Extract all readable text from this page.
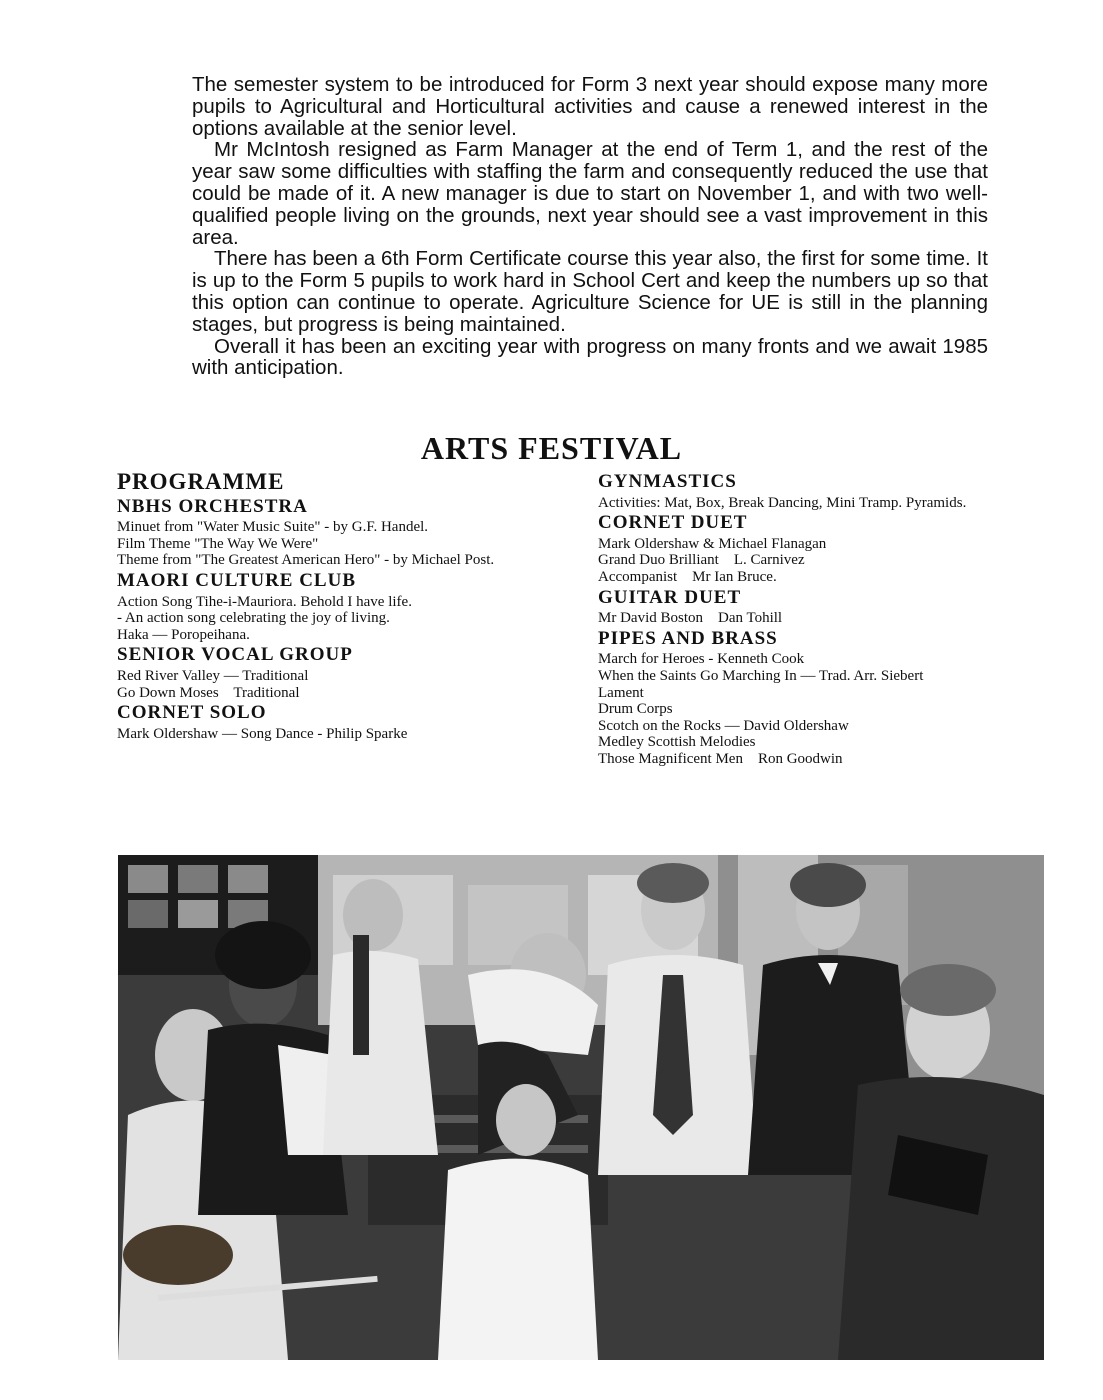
The semester system to be introduced for Form 3 next year should expose many more pupils to Agricultural and Horticultural activities and cause a renewed interest in the options available at the senior level.

Mr McIntosh resigned as Farm Manager at the end of Term 1, and the rest of the year saw some difficulties with staffing the farm and consequently reduced the use that could be made of it. A new manager is due to start on November 1, and with two well-qualified people living on the grounds, next year should see a vast improvement in this area.

There has been a 6th Form Certificate course this year also, the first for some time. It is up to the Form 5 pupils to work hard in School Cert and keep the numbers up so that this option can continue to operate. Agriculture Science for UE is still in the planning stages, but progress is being maintained.

Overall it has been an exciting year with progress on many fronts and we await 1985 with anticipation.

ARTS FESTIVAL
PROGRAMME
NBHS ORCHESTRA

Minuet from "Water Music Suite" - by G.F. Handel.

Film Theme "The Way We Were"

Theme from "The Greatest American Hero" - by Michael Post.

MAORI CULTURE CLUB

Action Song Tihe-i-Mauriora. Behold I have life.

- An action song celebrating the joy of living.

Haka — Poropeihana.

SENIOR VOCAL GROUP

Red River Valley — Traditional

Go Down Moses    Traditional

CORNET SOLO

Mark Oldershaw — Song Dance - Philip Sparke

GYNMASTICS

Activities: Mat, Box, Break Dancing, Mini Tramp. Pyramids.

CORNET DUET

Mark Oldershaw & Michael Flanagan

Grand Duo Brilliant    L. Carnivez

Accompanist    Mr Ian Bruce.

GUITAR DUET

Mr David Boston    Dan Tohill

PIPES AND BRASS

March for Heroes - Kenneth Cook

When the Saints Go Marching In — Trad. Arr. Siebert

Lament

Drum Corps

Scotch on the Rocks — David Oldershaw

Medley Scottish Melodies

Those Magnificent Men    Ron Goodwin
